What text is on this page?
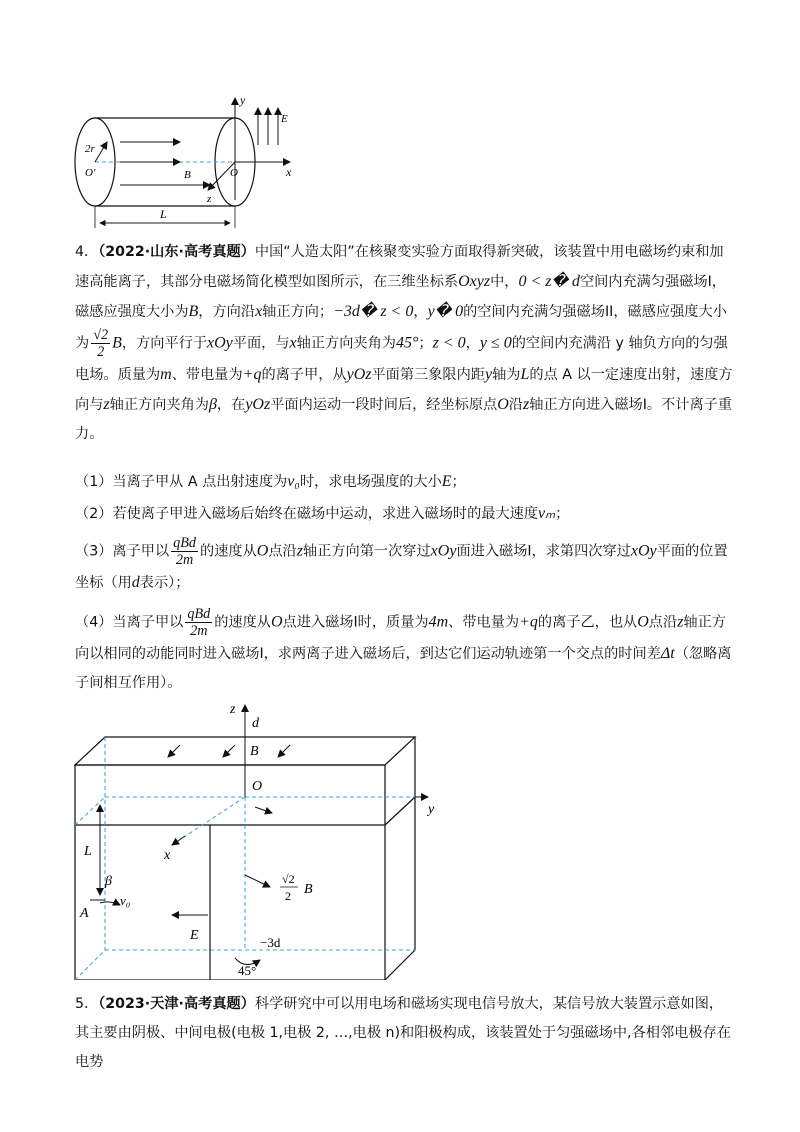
y
E
2r
O′	O	x
B
z
L
4．（2022·山东·高考真题）中国“人造太阳”在核聚变实验方面取得新突破，该装置中用电磁场约束和加速高能离子，其部分电磁场简化模型如图所示，在三维坐标系Oxyz中，0 < z� d空间内充满匀强磁场I，磁感应强度大小为B，方向沿x轴正方向；−3d� z < 0，y� 0的空间内充满匀强磁场II，磁感应强度大小为 $\frac{√2}{2}$ B，方向平行于xOy平面，与x轴正方向夹角为45°；z < 0，y ≤ 0的空间内充满沿 y 轴负方向的匀强电场。质量为m、带电量为+q的离子甲，从yOz平面第三象限内距y轴为L的点 A 以一定速度出射，速度方向与z轴正方向夹角为β，在yOz平面内运动一段时间后，经坐标原点O沿z轴正方向进入磁场I。不计离子重力。
（1）当离子甲从 A 点出射速度为v₀时，求电场强度的大小E；
（2）若使离子甲进入磁场后始终在磁场中运动，求进入磁场时的最大速度vₘ；
（3）离子甲以 $\frac{\text{qBd}}{2m}$ 的速度从O点沿z轴正方向第一次穿过xOy面进入磁场I，求第四次穿过xOy平面的位置坐标（用d表示）；
（4）当离子甲以 $\frac{\text{qBd}}{2m}$ 的速度从O点进入磁场I时，质量为4m、带电量为+q的离子乙，也从O点沿z轴正方向以相同的动能同时进入磁场I，求两离子进入磁场后，到达它们运动轨迹第一个交点的时间差Δt（忽略离子间相互作用）。
z
d
B
O
y
L	x
β
v₀
A
√2
2 B
E	−3d
45°
5．（2023·天津·高考真题）科学研究中可以用电场和磁场实现电信号放大，某信号放大装置示意如图，其主要由阴极、中间电极(电极 1,电极 2, …,电极 n)和阳极构成，该装置处于匀强磁场中,各相邻电极存在电势
